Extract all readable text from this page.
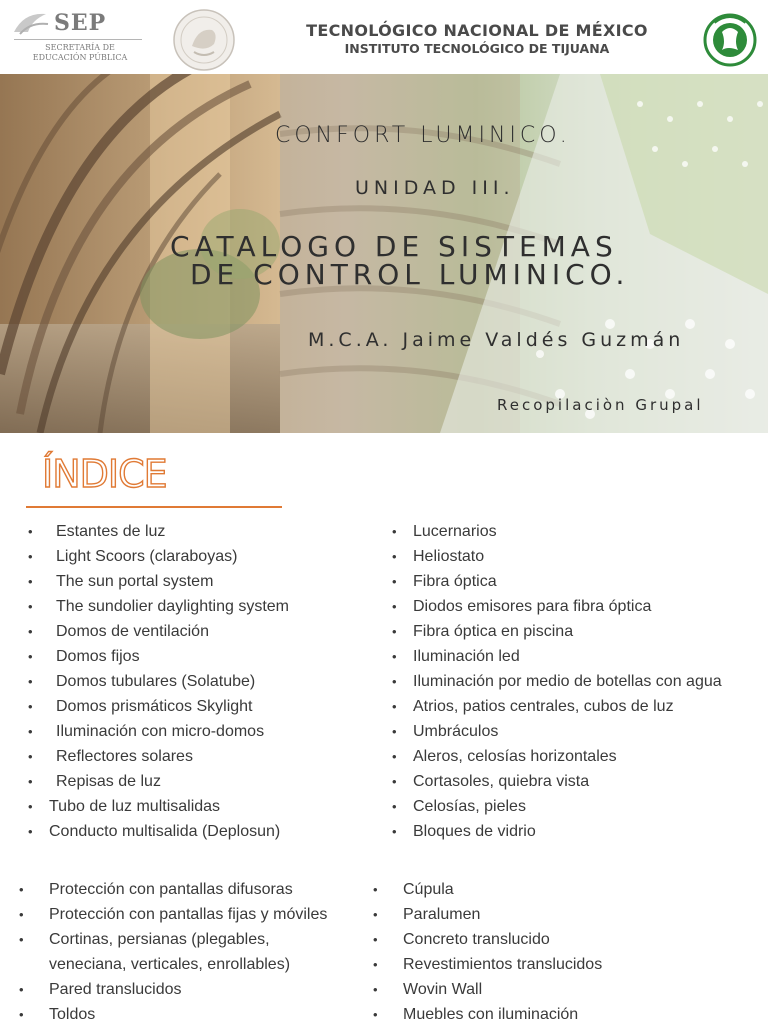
SEP
SECRETARÍA DE
EDUCACIÓN PÚBLICA
TECNOLÓGICO NACIONAL DE MÉXICO
INSTITUTO TECNOLÓGICO DE TIJUANA
CONFORT LUMINICO.
UNIDAD III.
CATALOGO DE SISTEMAS
DE CONTROL LUMINICO.
M.C.A. Jaime Valdés Guzmán
Recopilaciòn Grupal
ÍNDICE
• Estantes de luz
• Light Scoors (claraboyas)
• The sun portal system
• The sundolier daylighting system
• Domos de ventilación
• Domos fijos
• Domos tubulares (Solatube)
• Domos prismáticos Skylight
• Iluminación con micro-domos
• Reflectores solares
• Repisas de luz
• Tubo de luz multisalidas
• Conducto multisalida (Deplosun)
• Lucernarios
• Heliostato
• Fibra óptica
• Diodos emisores para fibra óptica
• Fibra óptica en piscina
• Iluminación led
• Iluminación por medio de botellas con agua
• Atrios, patios centrales, cubos de luz
• Umbráculos
• Aleros, celosías horizontales
• Cortasoles, quiebra vista
• Celosías, pieles
• Bloques de vidrio
• Protección con pantallas difusoras
• Protección con pantallas fijas y móviles
• Cortinas, persianas (plegables,
veneciana, verticales, enrollables)
• Pared translucidos
• Toldos
• Cúpula
• Paralumen
• Concreto translucido
• Revestimientos translucidos
• Wovin Wall
• Muebles con iluminación
